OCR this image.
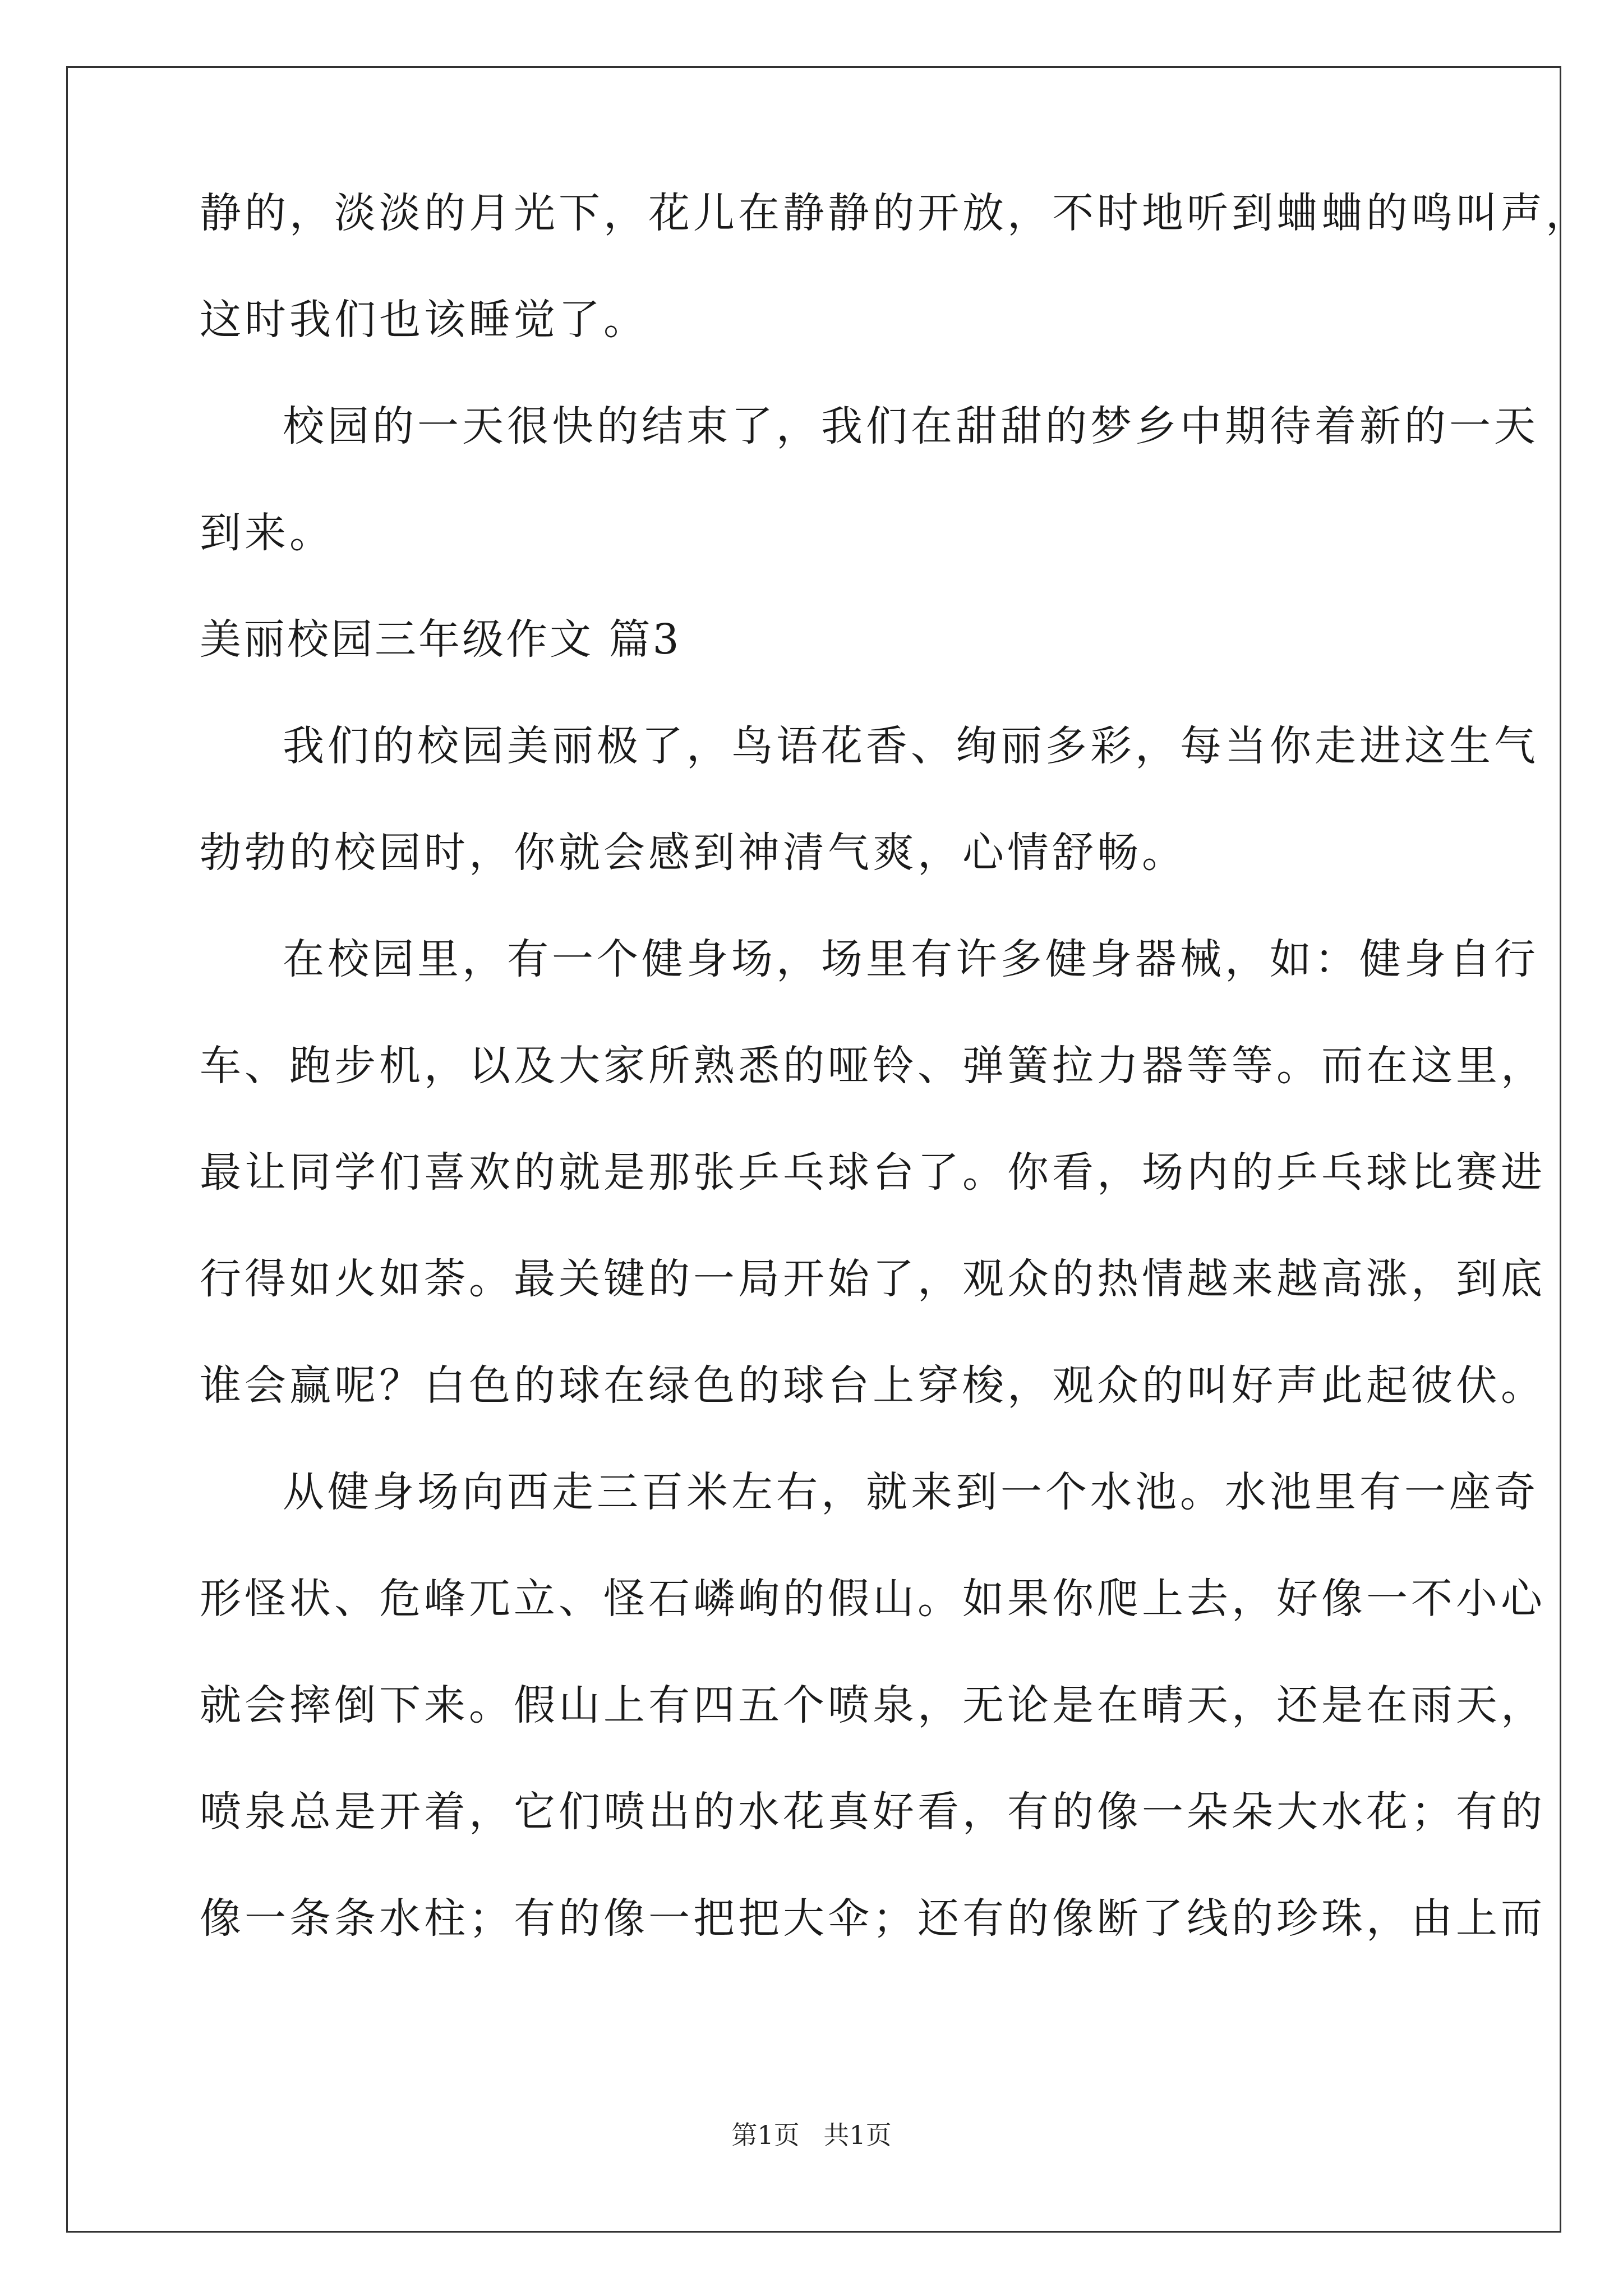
静的，淡淡的月光下，花儿在静静的开放，不时地听到蛐蛐的鸣叫声，
这时我们也该睡觉了。
校园的一天很快的结束了，我们在甜甜的梦乡中期待着新的一天
到来。
美丽校园三年级作文 篇3
我们的校园美丽极了，鸟语花香、绚丽多彩，每当你走进这生气
勃勃的校园时，你就会感到神清气爽，心情舒畅。
在校园里，有一个健身场，场里有许多健身器械，如：健身自行
车、跑步机，以及大家所熟悉的哑铃、弹簧拉力器等等。而在这里，
最让同学们喜欢的就是那张乒乓球台了。你看，场内的乒乓球比赛进
行得如火如荼。最关键的一局开始了，观众的热情越来越高涨，到底
谁会赢呢？白色的球在绿色的球台上穿梭，观众的叫好声此起彼伏。
从健身场向西走三百米左右，就来到一个水池。水池里有一座奇
形怪状、危峰兀立、怪石嶙峋的假山。如果你爬上去，好像一不小心
就会摔倒下来。假山上有四五个喷泉，无论是在晴天，还是在雨天，
喷泉总是开着，它们喷出的水花真好看，有的像一朵朵大水花；有的
像一条条水柱；有的像一把把大伞；还有的像断了线的珍珠，由上而
第1页 共1页
